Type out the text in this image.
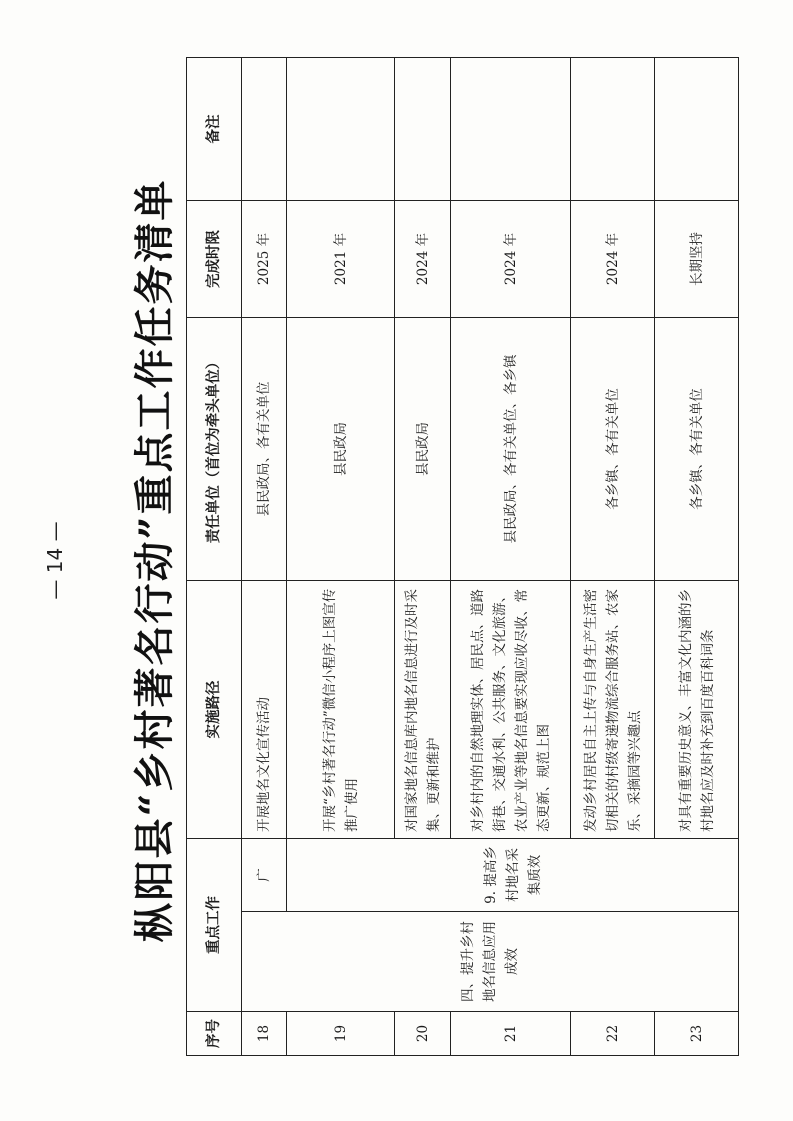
— 14 — 枞阳县“乡村著名行动”重点工作任务清单
序号	重点工作		实施路径	责任单位（首位为牵头单位）	完成时限	备注
18	四、提升乡村地名信息应用成效	广	开展地名文化宣传活动	县民政局、各有关单位	2025 年	
19		9. 提高乡村地名采集质效	开展“乡村著名行动”微信小程序上图宣传推广使用	县民政局	2021 年	
20			对国家地名信息库内地名信息进行及时采集、更新和维护	县民政局	2024 年	
21			对乡村内的自然地理实体、居民点、道路街巷、交通水利、公共服务、文化旅游、农业产业等地名信息要实现应收尽收、常态更新、规范上图	县民政局、各有关单位、各乡镇	2024 年	
22			发动乡村居民自主上传与自身生产生活密切相关的村级寄递物流综合服务站、农家乐、采摘园等兴趣点	各乡镇、各有关单位	2024 年	
23			对具有重要历史意义、丰富文化内涵的乡村地名应及时补充到百度百科词条	各乡镇、各有关单位	长期坚持	
